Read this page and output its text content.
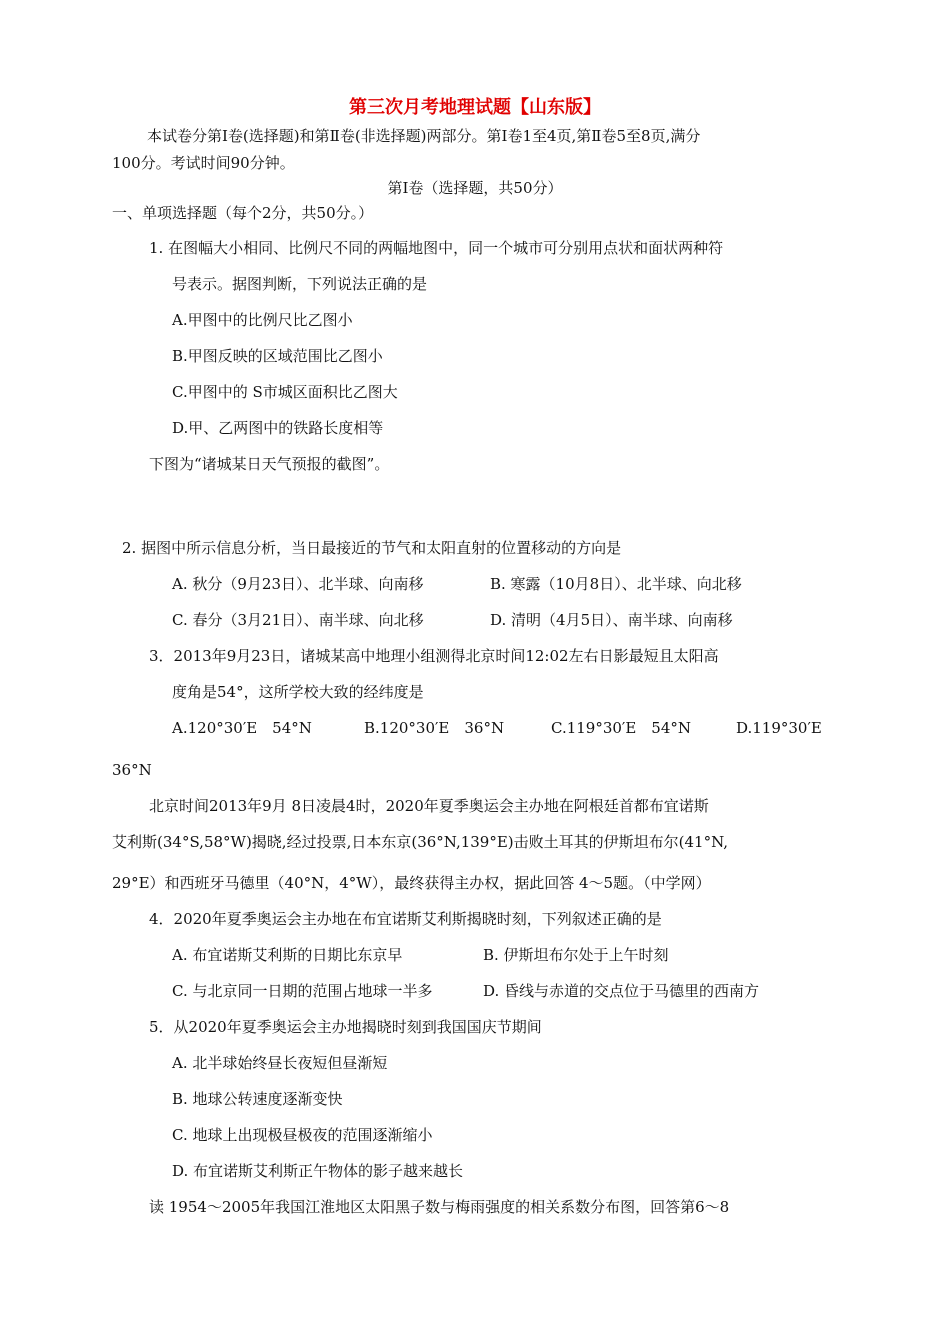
第三次月考地理试题【山东版】

本试卷分第Ⅰ卷(选择题)和第Ⅱ卷(非选择题)两部分。第Ⅰ卷1至4页,第Ⅱ卷5至8页,满分

100分。考试时间90分钟。

第Ⅰ卷（选择题，共50分）

一、单项选择题（每个2分，共50分。）

1. 在图幅大小相同、比例尺不同的两幅地图中，同一个城市可分别用点状和面状两种符

号表示。据图判断，下列说法正确的是

A.甲图中的比例尺比乙图小

B.甲图反映的区域范围比乙图小

C.甲图中的 S市城区面积比乙图大

D.甲、乙两图中的铁路长度相等

下图为“诸城某日天气预报的截图”。

2. 据图中所示信息分析，当日最接近的节气和太阳直射的位置移动的方向是

A. 秋分（9月23日）、北半球、向南移	B. 寒露（10月8日）、北半球、向北移
C. 春分（3月21日）、南半球、向北移	D. 清明（4月5日）、南半球、向南移

3．2013年9月23日，诸城某高中地理小组测得北京时间12:02左右日影最短且太阳高

度角是54°，这所学校大致的经纬度是

A.120°30′E　54°N	B.120°30′E　36°N	C.119°30′E　54°N	D.119°30′E

36°N

北京时间2013年9月 8日凌晨4时，2020年夏季奥运会主办地在阿根廷首都布宜诺斯

艾利斯(34°S,58°W)揭晓,经过投票,日本东京(36°N,139°E)击败土耳其的伊斯坦布尔(41°N,

29°E）和西班牙马德里（40°N，4°W），最终获得主办权，据此回答 4～5题。（中学网）

4．2020年夏季奥运会主办地在布宜诺斯艾利斯揭晓时刻，下列叙述正确的是

A. 布宜诺斯艾利斯的日期比东京早	B. 伊斯坦布尔处于上午时刻
C. 与北京同一日期的范围占地球一半多	D. 昏线与赤道的交点位于马德里的西南方

5．从2020年夏季奥运会主办地揭晓时刻到我国国庆节期间

A. 北半球始终昼长夜短但昼渐短

B. 地球公转速度逐渐变快

C. 地球上出现极昼极夜的范围逐渐缩小

D. 布宜诺斯艾利斯正午物体的影子越来越长

读 1954～2005年我国江淮地区太阳黑子数与梅雨强度的相关系数分布图，回答第6～8
